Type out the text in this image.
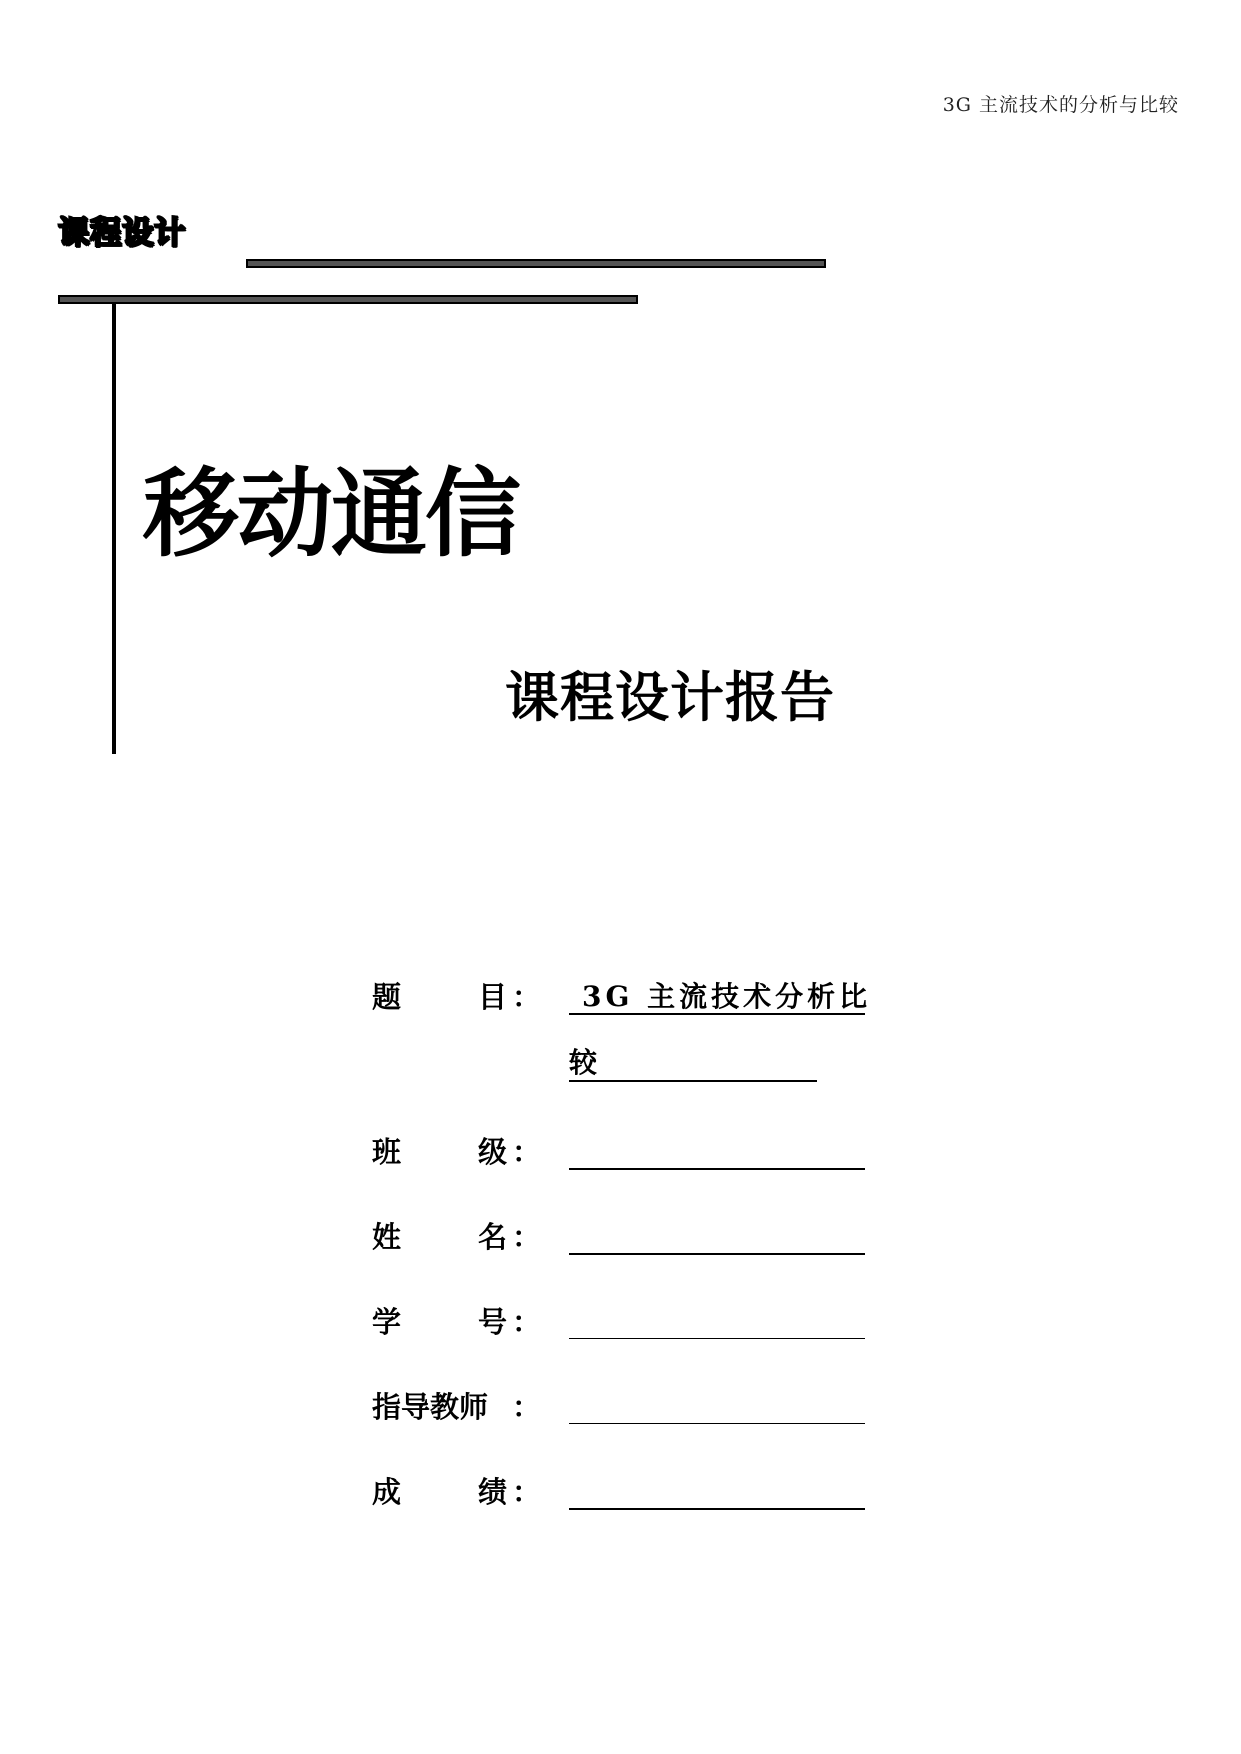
3G 主流技术的分析与比较
课程设计
移动通信
课程设计报告
题	目 ： 3G 主流技术分析比
较
班	级 ：
姓	名 ：
学	号 ：
指导教师 ：
成	绩 ：
